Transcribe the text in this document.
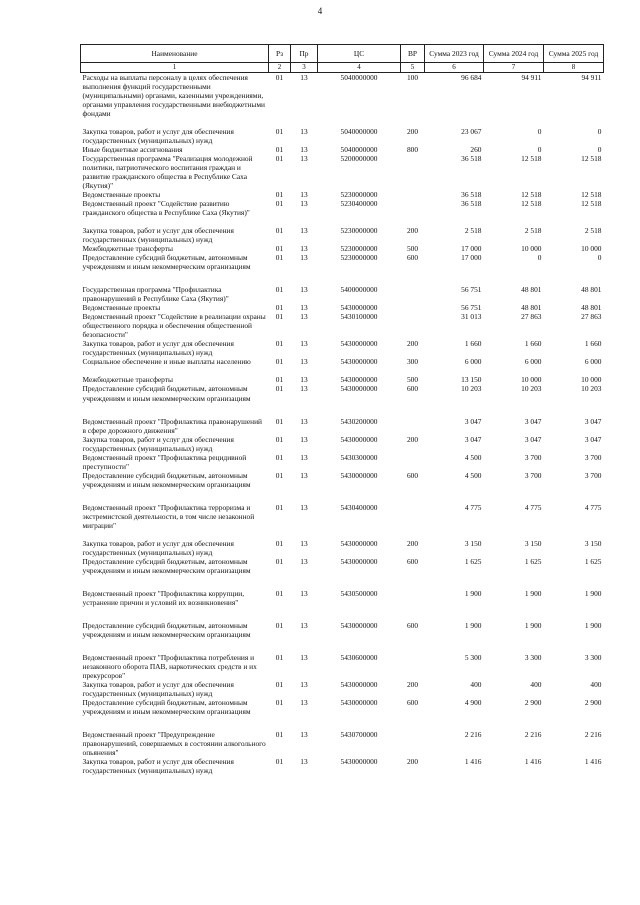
4
Наименование	Рз	Пр	ЦС	ВР	Сумма 2023 год	Сумма 2024 год	Сумма 2025 год
1	2	3	4	5	6	7	8
Расходы на выплаты персоналу в целях обеспечения выполнения функций государственными (муниципальными) органами, казенными учреждениями, органами управления государственными внебюджетными фондами	01	13	5040000000	100	96 684	94 911	94 911

Закупка товаров, работ и услуг для обеспечения государственных (муниципальных) нужд	01	13	5040000000	200	23 067	0	0
Иные бюджетные ассигнования	01	13	5040000000	800	260	0	0
Государственная программа "Реализация молодежной политики, патриотического воспитания граждан и развитие гражданского общества в Республике Саха (Якутия)"	01	13	5200000000		36 518	12 518	12 518
Ведомственные проекты	01	13	5230000000		36 518	12 518	12 518
Ведомственный проект "Содействие развитию гражданского общества в Республике Саха (Якутия)"	01	13	5230400000		36 518	12 518	12 518

Закупка товаров, работ и услуг для обеспечения государственных (муниципальных) нужд	01	13	5230000000	200	2 518	2 518	2 518
Межбюджетные трансферты	01	13	5230000000	500	17 000	10 000	10 000
Предоставление субсидий бюджетным, автономным учреждениям и иным некоммерческим организациям	01	13	5230000000	600	17 000	0	0

Государственная программа "Профилактика правонарушений в Республике Саха (Якутия)"	01	13	5400000000		56 751	48 801	48 801
Ведомственные проекты	01	13	5430000000		56 751	48 801	48 801
Ведомственный проект "Содействие в реализации охраны общественного порядка и обеспечения общественной безопасности"	01	13	5430100000		31 013	27 863	27 863
Закупка товаров, работ и услуг для обеспечения государственных (муниципальных) нужд	01	13	5430000000	200	1 660	1 660	1 660
Социальное обеспечение и иные выплаты населению	01	13	5430000000	300	6 000	6 000	6 000

Межбюджетные трансферты	01	13	5430000000	500	13 150	10 000	10 000
Предоставление субсидий бюджетным, автономным учреждениям и иным некоммерческим организациям	01	13	5430000000	600	10 203	10 203	10 203

Ведомственный проект "Профилактика правонарушений в сфере дорожного движения"	01	13	5430200000		3 047	3 047	3 047
Закупка товаров, работ и услуг для обеспечения государственных (муниципальных) нужд	01	13	5430000000	200	3 047	3 047	3 047
Ведомственный проект "Профилактика рецидивной преступности"	01	13	5430300000		4 500	3 700	3 700
Предоставление субсидий бюджетным, автономным учреждениям и иным некоммерческим организациям	01	13	5430000000	600	4 500	3 700	3 700

Ведомственный проект "Профилактика терроризма и экстремистской деятельности, в том числе незаконной миграции"	01	13	5430400000		4 775	4 775	4 775

Закупка товаров, работ и услуг для обеспечения государственных (муниципальных) нужд	01	13	5430000000	200	3 150	3 150	3 150
Предоставление субсидий бюджетным, автономным учреждениям и иным некоммерческим организациям	01	13	5430000000	600	1 625	1 625	1 625

Ведомственный проект "Профилактика коррупции, устранение причин и условий их возникновения"	01	13	5430500000		1 900	1 900	1 900

Предоставление субсидий бюджетным, автономным учреждениям и иным некоммерческим организациям	01	13	5430000000	600	1 900	1 900	1 900

Ведомственный проект "Профилактика потребления и незаконного оборота ПАВ, наркотических средств и их прекурсоров"	01	13	5430600000		5 300	3 300	3 300
Закупка товаров, работ и услуг для обеспечения государственных (муниципальных) нужд	01	13	5430000000	200	400	400	400
Предоставление субсидий бюджетным, автономным учреждениям и иным некоммерческим организациям	01	13	5430000000	600	4 900	2 900	2 900

Ведомственный проект "Предупреждение правонарушений, совершаемых в состоянии алкогольного опьянения"	01	13	5430700000		2 216	2 216	2 216
Закупка товаров, работ и услуг для обеспечения государственных (муниципальных) нужд	01	13	5430000000	200	1 416	1 416	1 416
